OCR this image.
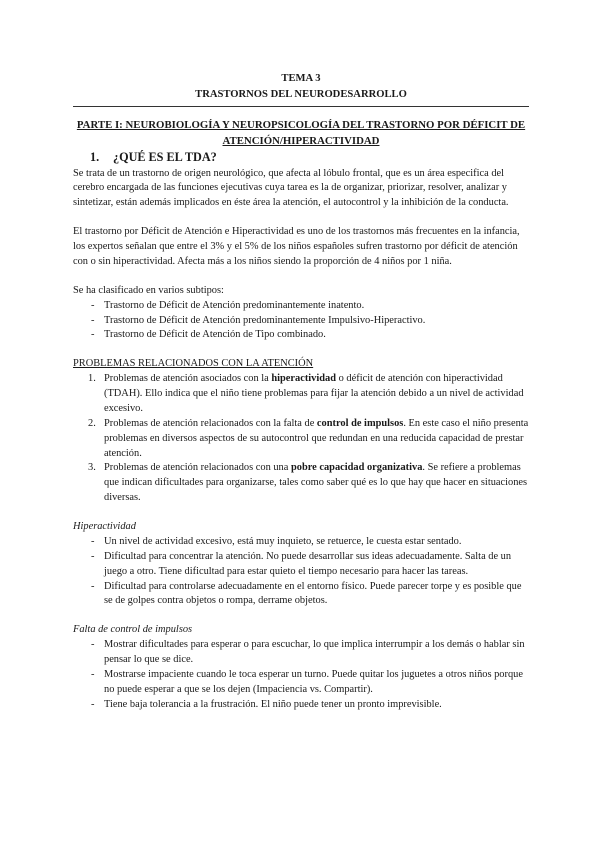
TEMA 3
TRASTORNOS DEL NEURODESARROLLO
PARTE I: NEUROBIOLOGÍA Y NEUROPSICOLOGÍA DEL TRASTORNO POR DÉFICIT DE
ATENCIÓN/HIPERACTIVIDAD
1. ¿QUÉ ES EL TDA?

Se trata de un trastorno de origen neurológico, que afecta al lóbulo frontal, que es un área especifica del cerebro encargada de las funciones ejecutivas cuya tarea es la de organizar, priorizar, resolver, analizar y sintetizar, están además implicados en éste área la atención, el autocontrol y la inhibición de la conducta.

El trastorno por Déficit de Atención e Hiperactividad es uno de los trastornos más frecuentes en la infancia, los expertos señalan que entre el 3% y el 5% de los niños españoles sufren trastorno por déficit de atención con o sin hiperactividad. Afecta más a los niños siendo la proporción de 4 niños por 1 niña.

Se ha clasificado en varios subtipos:

- Trastorno de Déficit de Atención predominantemente inatento.
- Trastorno de Déficit de Atención predominantemente Impulsivo-Hiperactivo.
- Trastorno de Déficit de Atención de Tipo combinado.
PROBLEMAS RELACIONADOS CON LA ATENCIÓN
1. Problemas de atención asociados con la hiperactividad o déficit de atención con hiperactividad (TDAH). Ello indica que el niño tiene problemas para fijar la atención debido a un nivel de actividad excesivo.
2. Problemas de atención relacionados con la falta de control de impulsos. En este caso el niño presenta problemas en diversos aspectos de su autocontrol que redundan en una reducida capacidad de prestar atención.
3. Problemas de atención relacionados con una pobre capacidad organizativa. Se refiere a problemas que indican dificultades para organizarse, tales como saber qué es lo que hay que hacer en situaciones diversas.
Hiperactividad
- Un nivel de actividad excesivo, está muy inquieto, se retuerce, le cuesta estar sentado.
- Dificultad para concentrar la atención. No puede desarrollar sus ideas adecuadamente. Salta de un juego a otro. Tiene dificultad para estar quieto el tiempo necesario para hacer las tareas.
- Dificultad para controlarse adecuadamente en el entorno físico. Puede parecer torpe y es posible que se de golpes contra objetos o rompa, derrame objetos.
Falta de control de impulsos
- Mostrar dificultades para esperar o para escuchar, lo que implica interrumpir a los demás o hablar sin pensar lo que se dice.
- Mostrarse impaciente cuando le toca esperar un turno. Puede quitar los juguetes a otros niños porque no puede esperar a que se los dejen (Impaciencia vs. Compartir).
- Tiene baja tolerancia a la frustración. El niño puede tener un pronto imprevisible.
